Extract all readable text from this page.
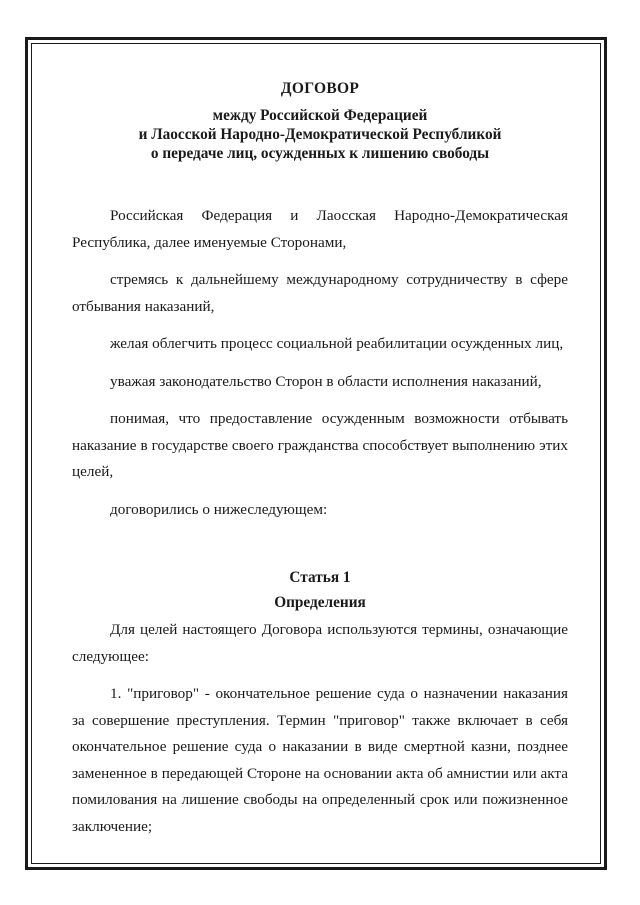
ДОГОВОР
между Российской Федерацией
и Лаосской Народно-Демократической Республикой
о передаче лиц, осужденных к лишению свободы

Российская Федерация и Лаосская Народно-Демократическая Республика, далее именуемые Сторонами,

стремясь к дальнейшему международному сотрудничеству в сфере отбывания наказаний,

желая облегчить процесс социальной реабилитации осужденных лиц,

уважая законодательство Сторон в области исполнения наказаний,

понимая, что предоставление осужденным возможности отбывать наказание в государстве своего гражданства способствует выполнению этих целей,

договорились о нижеследующем:

Статья 1
Определения

Для целей настоящего Договора используются термины, означающие следующее:

1. "приговор" - окончательное решение суда о назначении наказания за совершение преступления. Термин "приговор" также включает в себя окончательное решение суда о наказании в виде смертной казни, позднее замененное в передающей Стороне на основании акта об амнистии или акта помилования на лишение свободы на определенный срок или пожизненное заключение;
